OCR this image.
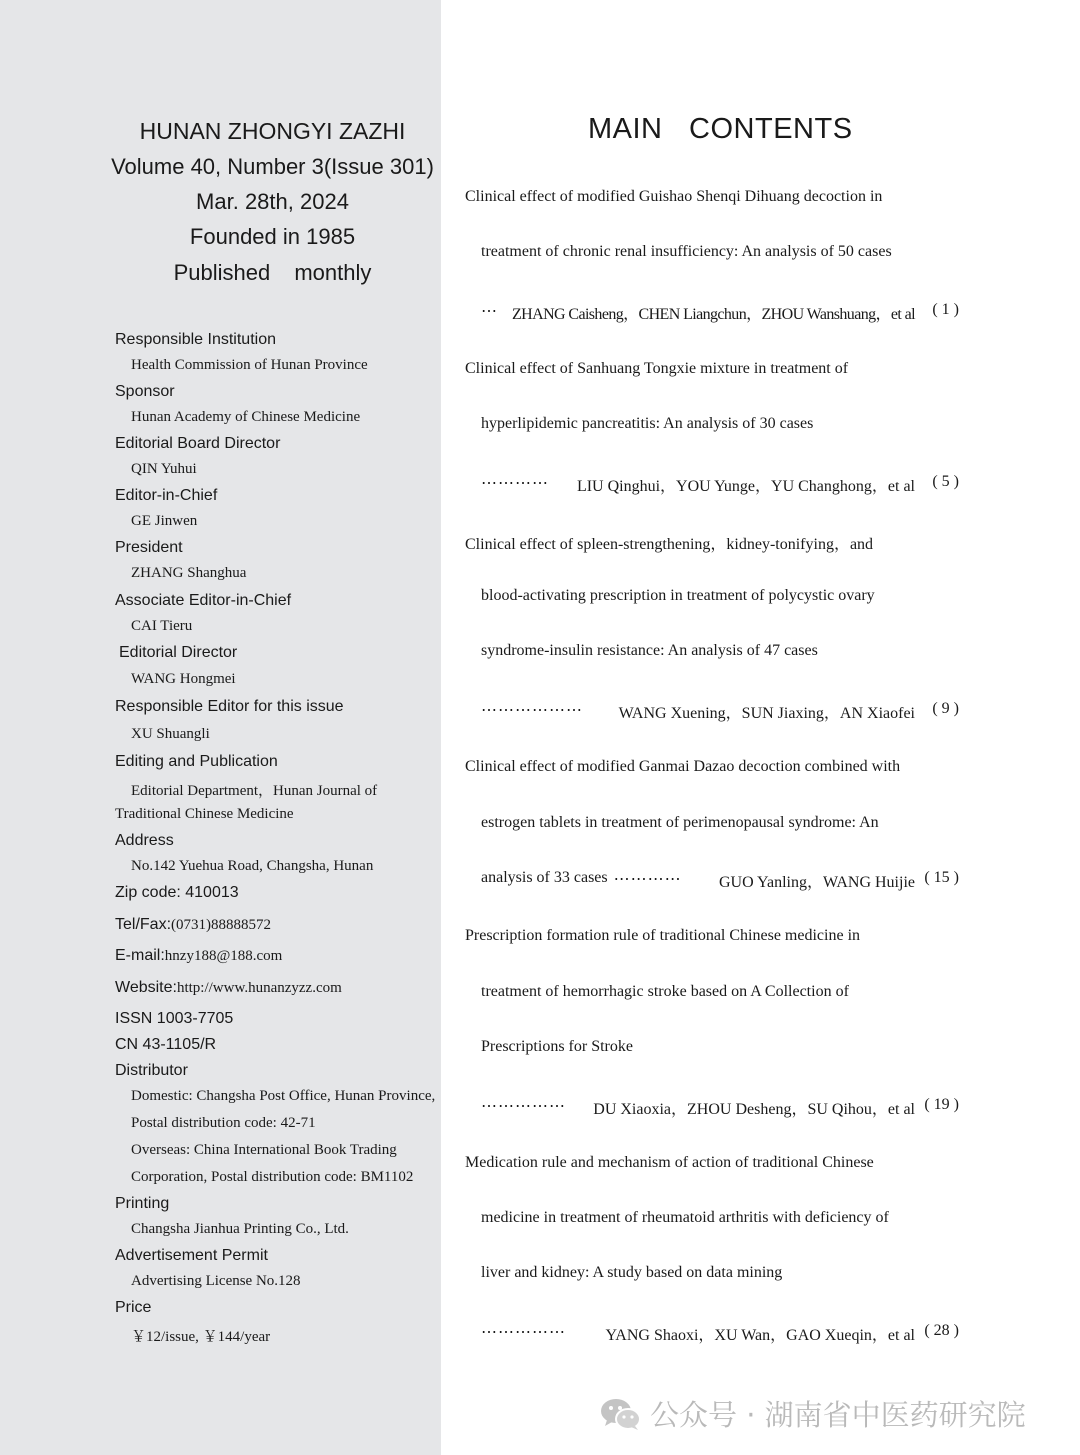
HUNAN ZHONGYI ZAZHI
Volume 40, Number 3(Issue 301)
Mar. 28th, 2024
Founded in 1985
Published monthly
Responsible Institution
Health Commission of Hunan Province
Sponsor
Hunan Academy of Chinese Medicine
Editorial Board Director
QIN Yuhui
Editor-in-Chief
GE Jinwen
President
ZHANG Shanghua
Associate Editor-in-Chief
CAI Tieru
Editorial Director
WANG Hongmei
Responsible Editor for this issue
XU Shuangli
Editing and Publication
Editorial Department，Hunan Journal of
Traditional Chinese Medicine
Address
No.142 Yuehua Road, Changsha, Hunan
Zip code: 410013
Tel/Fax:(0731)88888572
E-mail:hnzy188@188.com
Website:http://www.hunanzyzz.com
ISSN 1003-7705
CN 43-1105/R
Distributor
Domestic: Changsha Post Office, Hunan Province,
Postal distribution code: 42-71
Overseas: China International Book Trading
Corporation, Postal distribution code: BM1102
Printing
Changsha Jianhua Printing Co., Ltd.
Advertisement Permit
Advertising License No.128
Price
￥12/issue, ￥144/year
MAIN CONTENTS
Clinical effect of modified Guishao Shenqi Dihuang decoction in
treatment of chronic renal insufficiency: An analysis of 50 cases
⋯ ZHANG Caisheng，CHEN Liangchun，ZHOU Wanshuang，et al	( 1 )
Clinical effect of Sanhuang Tongxie mixture in treatment of
hyperlipidemic pancreatitis: An analysis of 30 cases
⋯⋯⋯⋯	LIU Qinghui，YOU Yunge，YU Changhong，et al	( 5 )
Clinical effect of spleen-strengthening，kidney-tonifying，and
blood-activating prescription in treatment of polycystic ovary
syndrome-insulin resistance: An analysis of 47 cases
⋯⋯⋯⋯⋯⋯	WANG Xuening，SUN Jiaxing，AN Xiaofei	( 9 )
Clinical effect of modified Ganmai Dazao decoction combined with
estrogen tablets in treatment of perimenopausal syndrome: An
analysis of 33 cases ⋯⋯⋯⋯	GUO Yanling，WANG Huijie ( 15 )
Prescription formation rule of traditional Chinese medicine in
treatment of hemorrhagic stroke based on A Collection of
Prescriptions for Stroke
⋯⋯⋯⋯⋯	DU Xiaoxia，ZHOU Desheng，SU Qihou，et al ( 19 )
Medication rule and mechanism of action of traditional Chinese
medicine in treatment of rheumatoid arthritis with deficiency of
liver and kidney: A study based on data mining
⋯⋯⋯⋯⋯	YANG Shaoxi，XU Wan，GAO Xueqin，et al ( 28 )
公众号 · 湖南省中医药研究院
